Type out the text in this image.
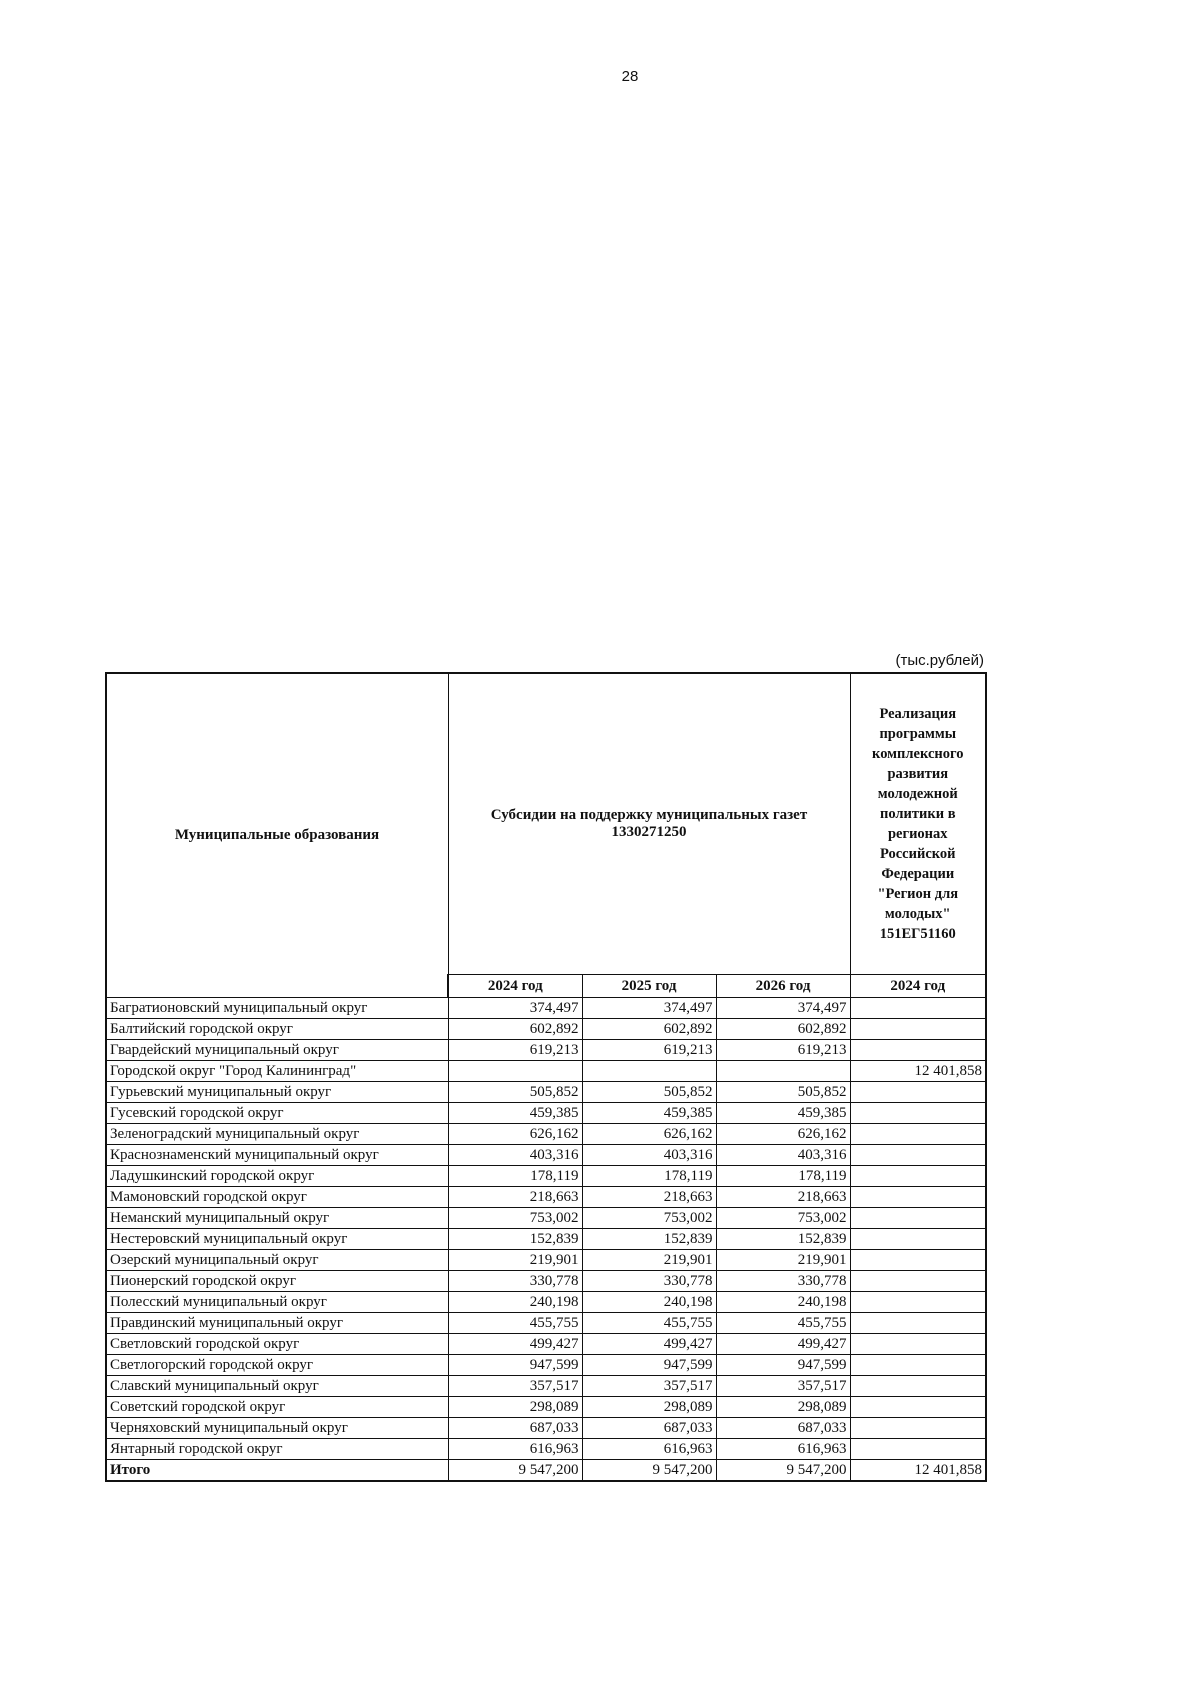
28
(тыс.рублей)
Муниципальные образования	Субсидии на поддержку муниципальных газет
1330271250			Реализация программы комплексного развития молодежной политики в регионах Российской Федерации "Регион для молодых"
151ЕГ51160
	2024 год	2025 год	2026 год	2024 год
Багратионовский муниципальный округ	374,497	374,497	374,497	
Балтийский городской округ	602,892	602,892	602,892	
Гвардейский муниципальный округ	619,213	619,213	619,213	
Городской округ "Город Калининград"				12 401,858
Гурьевский муниципальный округ	505,852	505,852	505,852	
Гусевский городской округ	459,385	459,385	459,385	
Зеленоградский муниципальный округ	626,162	626,162	626,162	
Краснознаменский муниципальный округ	403,316	403,316	403,316	
Ладушкинский городской округ	178,119	178,119	178,119	
Мамоновский городской округ	218,663	218,663	218,663	
Неманский муниципальный округ	753,002	753,002	753,002	
Нестеровский муниципальный округ	152,839	152,839	152,839	
Озерский муниципальный округ	219,901	219,901	219,901	
Пионерский городской округ	330,778	330,778	330,778	
Полесский муниципальный округ	240,198	240,198	240,198	
Правдинский муниципальный округ	455,755	455,755	455,755	
Светловский городской округ	499,427	499,427	499,427	
Светлогорский городской округ	947,599	947,599	947,599	
Славский муниципальный округ	357,517	357,517	357,517	
Советский городской округ	298,089	298,089	298,089	
Черняховский муниципальный округ	687,033	687,033	687,033	
Янтарный городской округ	616,963	616,963	616,963	
Итого	9 547,200	9 547,200	9 547,200	12 401,858
